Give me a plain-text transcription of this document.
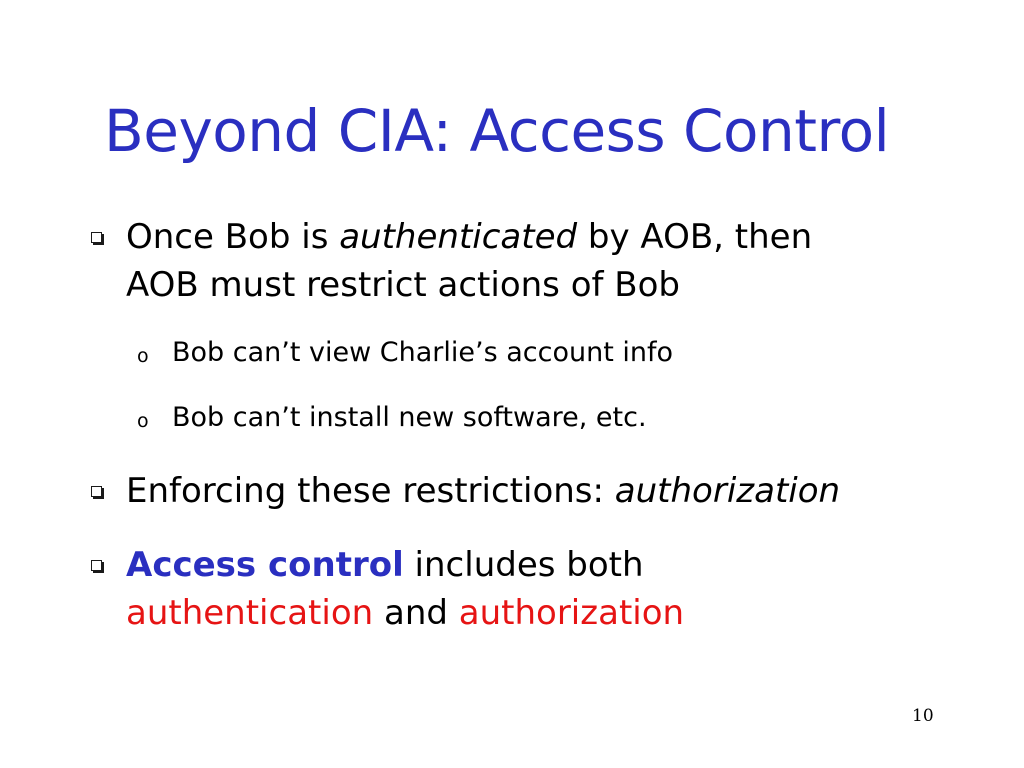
Beyond CIA: Access Control
Once Bob is authenticated by AOB, then
AOB must restrict actions of Bob
o Bob can’t view Charlie’s account info
o Bob can’t install new software, etc.
Enforcing these restrictions: authorization
Access control includes both
authentication and authorization
10
